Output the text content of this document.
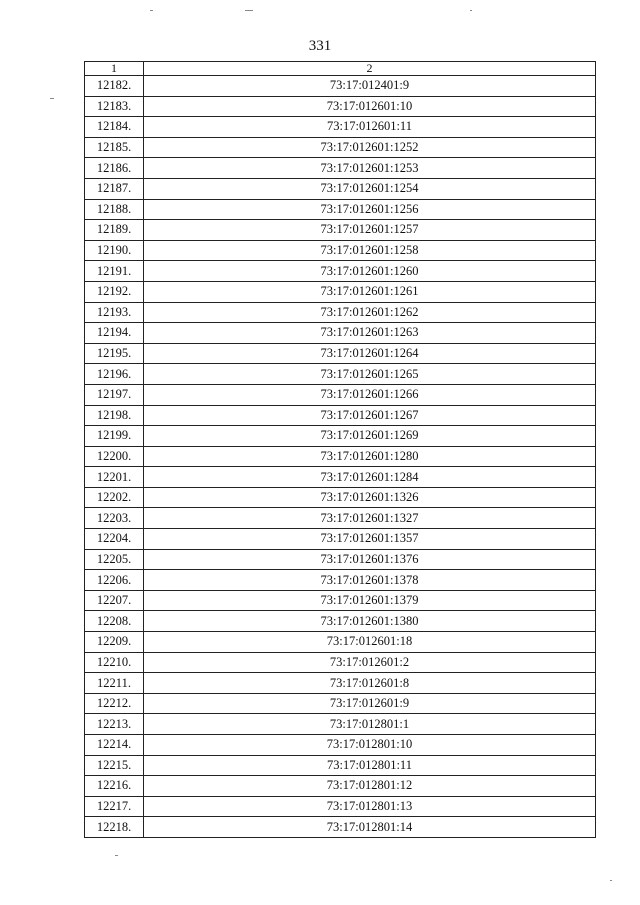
331
1	2
12182.	73:17:012401:9
12183.	73:17:012601:10
12184.	73:17:012601:11
12185.	73:17:012601:1252
12186.	73:17:012601:1253
12187.	73:17:012601:1254
12188.	73:17:012601:1256
12189.	73:17:012601:1257
12190.	73:17:012601:1258
12191.	73:17:012601:1260
12192.	73:17:012601:1261
12193.	73:17:012601:1262
12194.	73:17:012601:1263
12195.	73:17:012601:1264
12196.	73:17:012601:1265
12197.	73:17:012601:1266
12198.	73:17:012601:1267
12199.	73:17:012601:1269
12200.	73:17:012601:1280
12201.	73:17:012601:1284
12202.	73:17:012601:1326
12203.	73:17:012601:1327
12204.	73:17:012601:1357
12205.	73:17:012601:1376
12206.	73:17:012601:1378
12207.	73:17:012601:1379
12208.	73:17:012601:1380
12209.	73:17:012601:18
12210.	73:17:012601:2
12211.	73:17:012601:8
12212.	73:17:012601:9
12213.	73:17:012801:1
12214.	73:17:012801:10
12215.	73:17:012801:11
12216.	73:17:012801:12
12217.	73:17:012801:13
12218.	73:17:012801:14
